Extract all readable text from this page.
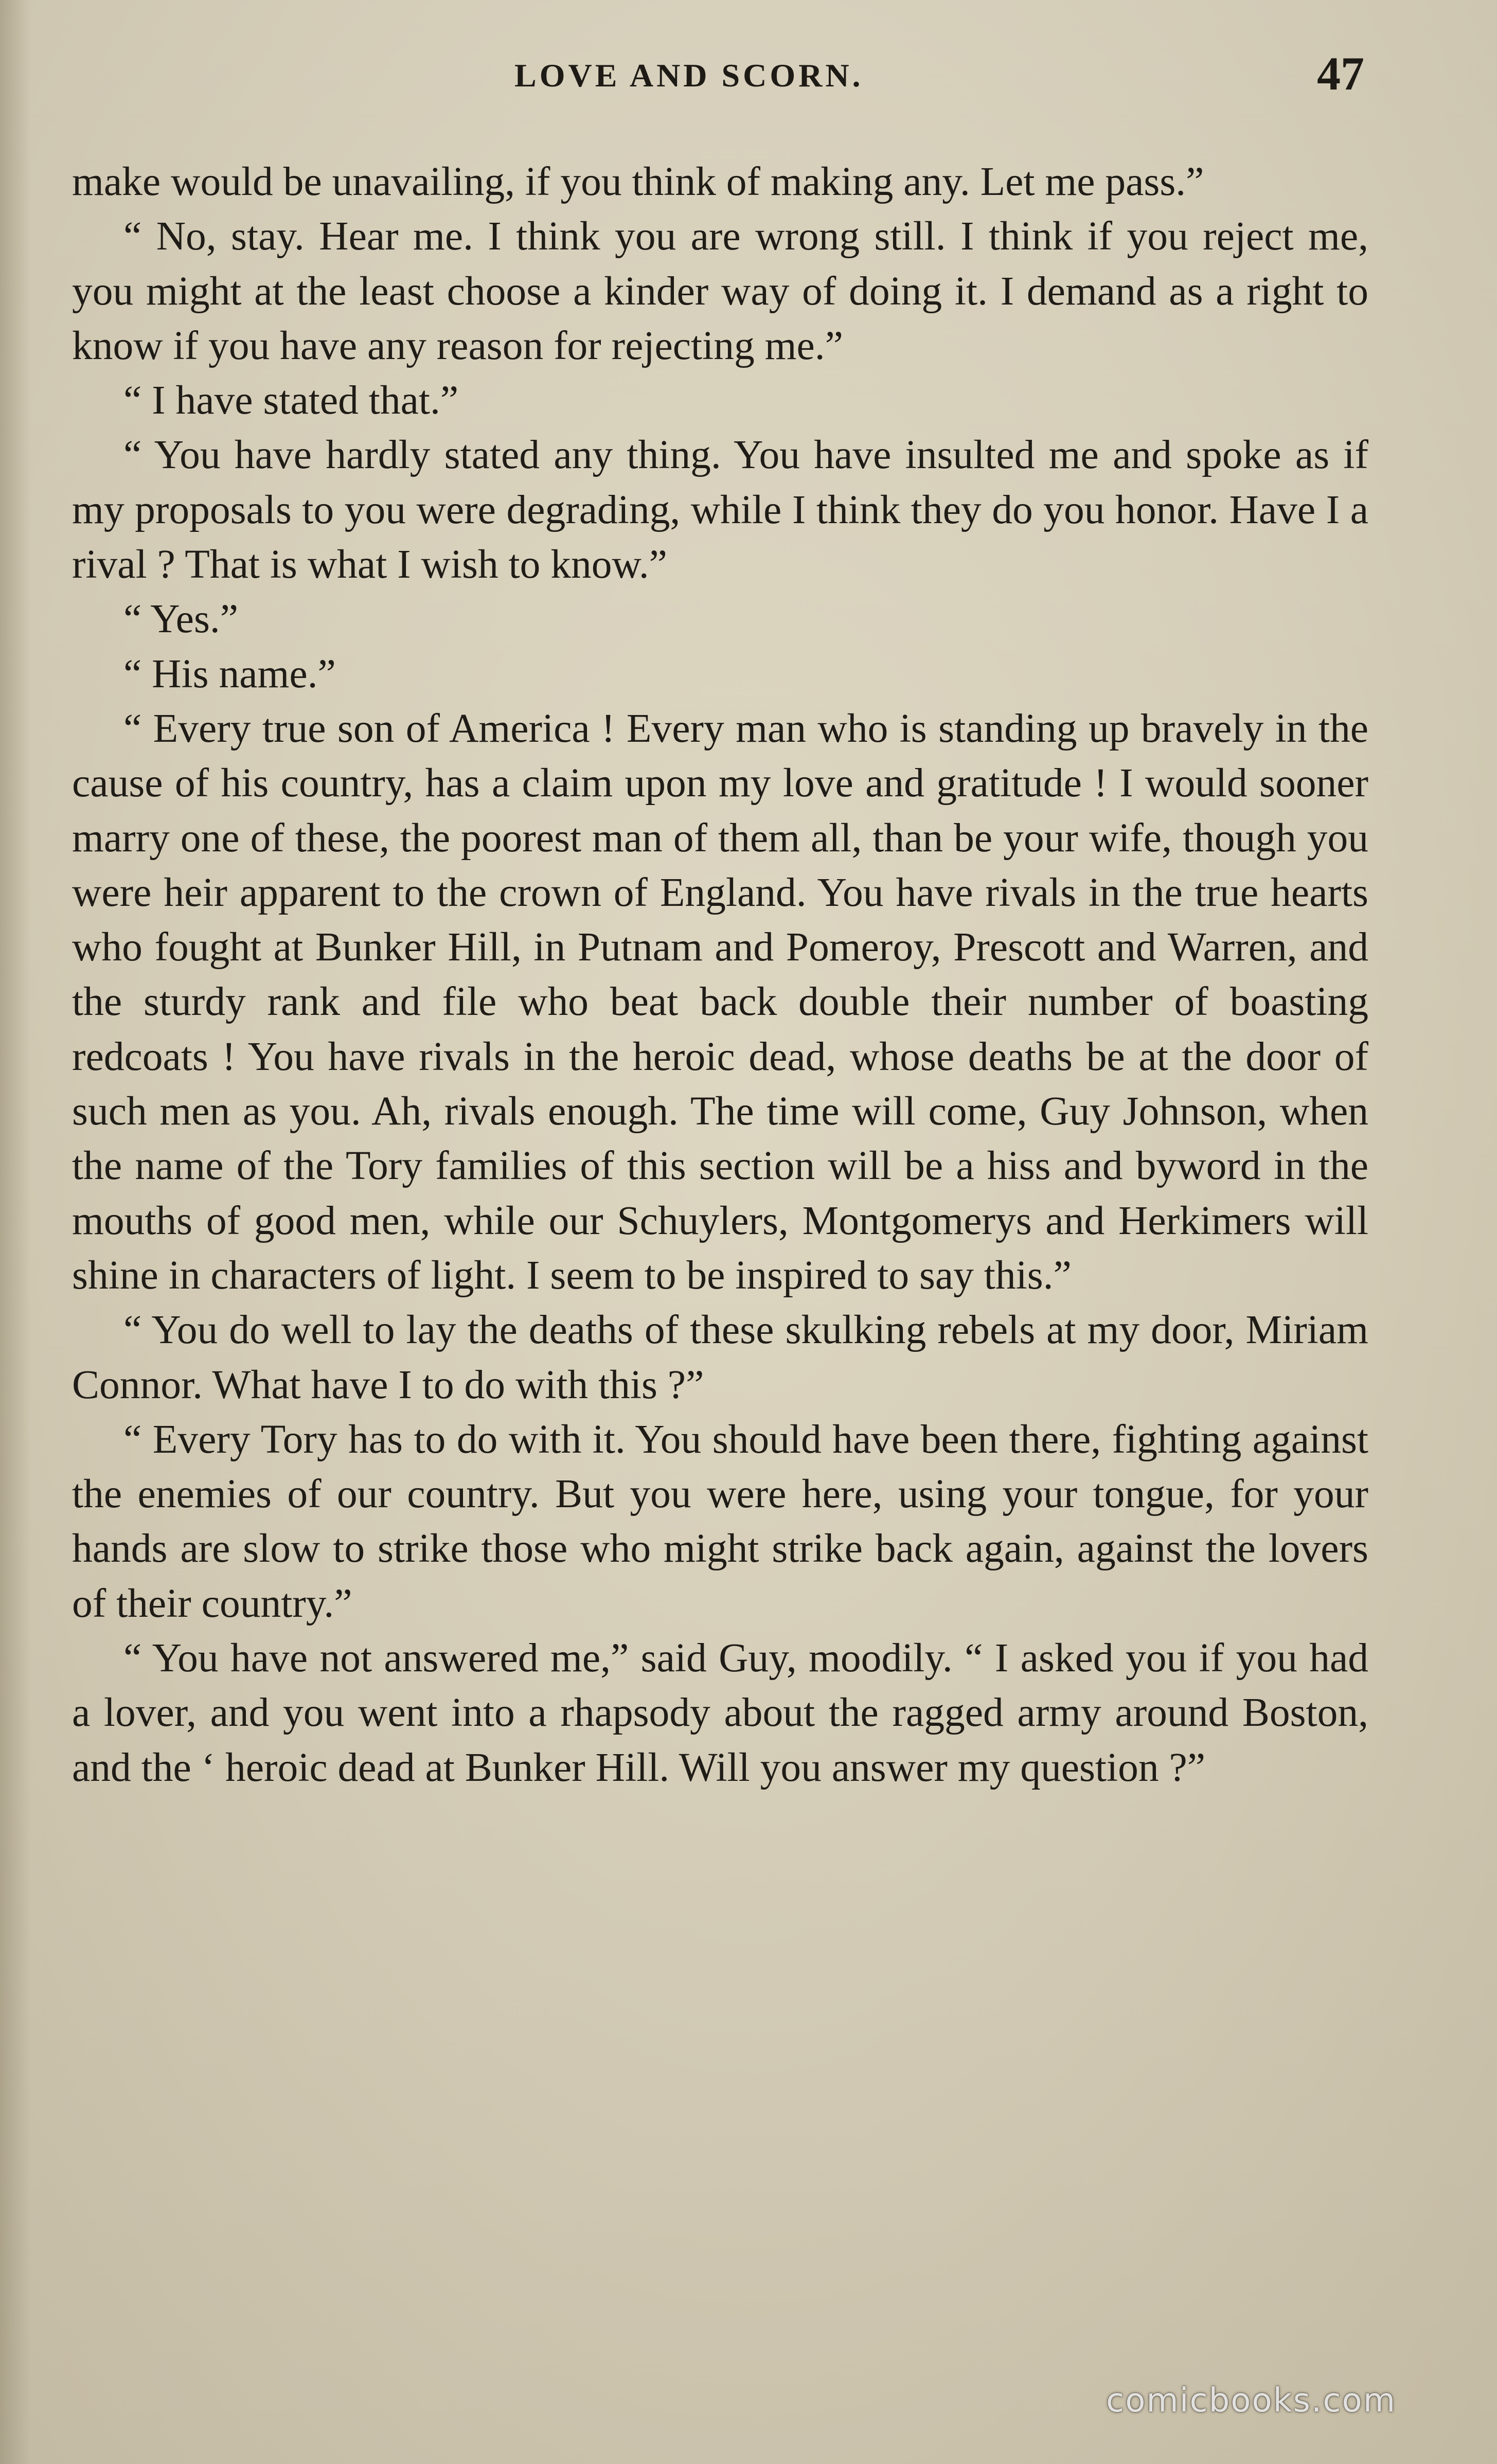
LOVE AND SCORN.	47

make would be unavailing, if you think of making any. Let me pass.”

“ No, stay. Hear me. I think you are wrong still. I think if you reject me, you might at the least choose a kinder way of doing it. I demand as a right to know if you have any reason for rejecting me.”

“ I have stated that.”

“ You have hardly stated any thing. You have insulted me and spoke as if my proposals to you were degrading, while I think they do you honor. Have I a rival ? That is what I wish to know.”

“ Yes.”

“ His name.”

“ Every true son of America ! Every man who is standing up bravely in the cause of his country, has a claim upon my love and gratitude ! I would sooner marry one of these, the poorest man of them all, than be your wife, though you were heir apparent to the crown of England. You have rivals in the true hearts who fought at Bunker Hill, in Putnam and Pomeroy, Prescott and Warren, and the sturdy rank and file who beat back double their number of boasting redcoats ! You have rivals in the heroic dead, whose deaths be at the door of such men as you. Ah, rivals enough. The time will come, Guy Johnson, when the name of the Tory families of this section will be a hiss and byword in the mouths of good men, while our Schuylers, Montgomerys and Herkimers will shine in characters of light. I seem to be inspired to say this.”

“ You do well to lay the deaths of these skulking rebels at my door, Miriam Connor. What have I to do with this ?”

“ Every Tory has to do with it. You should have been there, fighting against the enemies of our country. But you were here, using your tongue, for your hands are slow to strike those who might strike back again, against the lovers of their country.”

“ You have not answered me,” said Guy, moodily. “ I asked you if you had a lover, and you went into a rhapsody about the ragged army around Boston, and the ‘ heroic dead at Bunker Hill. Will you answer my question ?”

comicbooks.com
